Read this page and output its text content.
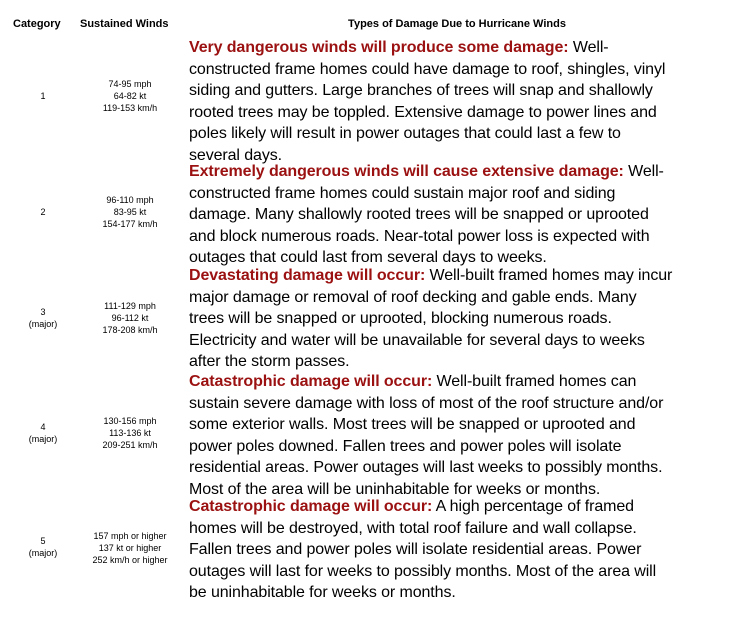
Category Sustained Winds	Types of Damage Due to Hurricane Winds
1
74-95 mph
64-82 kt
119-153 km/h
Very dangerous winds will produce some damage: Well-
constructed frame homes could have damage to roof, shingles, vinyl
siding and gutters. Large branches of trees will snap and shallowly
rooted trees may be toppled. Extensive damage to power lines and
poles likely will result in power outages that could last a few to
several days.
2
96-110 mph
83-95 kt
154-177 km/h
Extremely dangerous winds will cause extensive damage: Well-
constructed frame homes could sustain major roof and siding
damage. Many shallowly rooted trees will be snapped or uprooted
and block numerous roads. Near-total power loss is expected with
outages that could last from several days to weeks.
3
(major)
111-129 mph
96-112 kt
178-208 km/h
Devastating damage will occur: Well-built framed homes may incur
major damage or removal of roof decking and gable ends. Many
trees will be snapped or uprooted, blocking numerous roads.
Electricity and water will be unavailable for several days to weeks
after the storm passes.
4
(major)
130-156 mph
113-136 kt
209-251 km/h
Catastrophic damage will occur: Well-built framed homes can
sustain severe damage with loss of most of the roof structure and/or
some exterior walls. Most trees will be snapped or uprooted and
power poles downed. Fallen trees and power poles will isolate
residential areas. Power outages will last weeks to possibly months.
Most of the area will be uninhabitable for weeks or months.
5
(major)
157 mph or higher
137 kt or higher
252 km/h or higher
Catastrophic damage will occur: A high percentage of framed
homes will be destroyed, with total roof failure and wall collapse.
Fallen trees and power poles will isolate residential areas. Power
outages will last for weeks to possibly months. Most of the area will
be uninhabitable for weeks or months.
